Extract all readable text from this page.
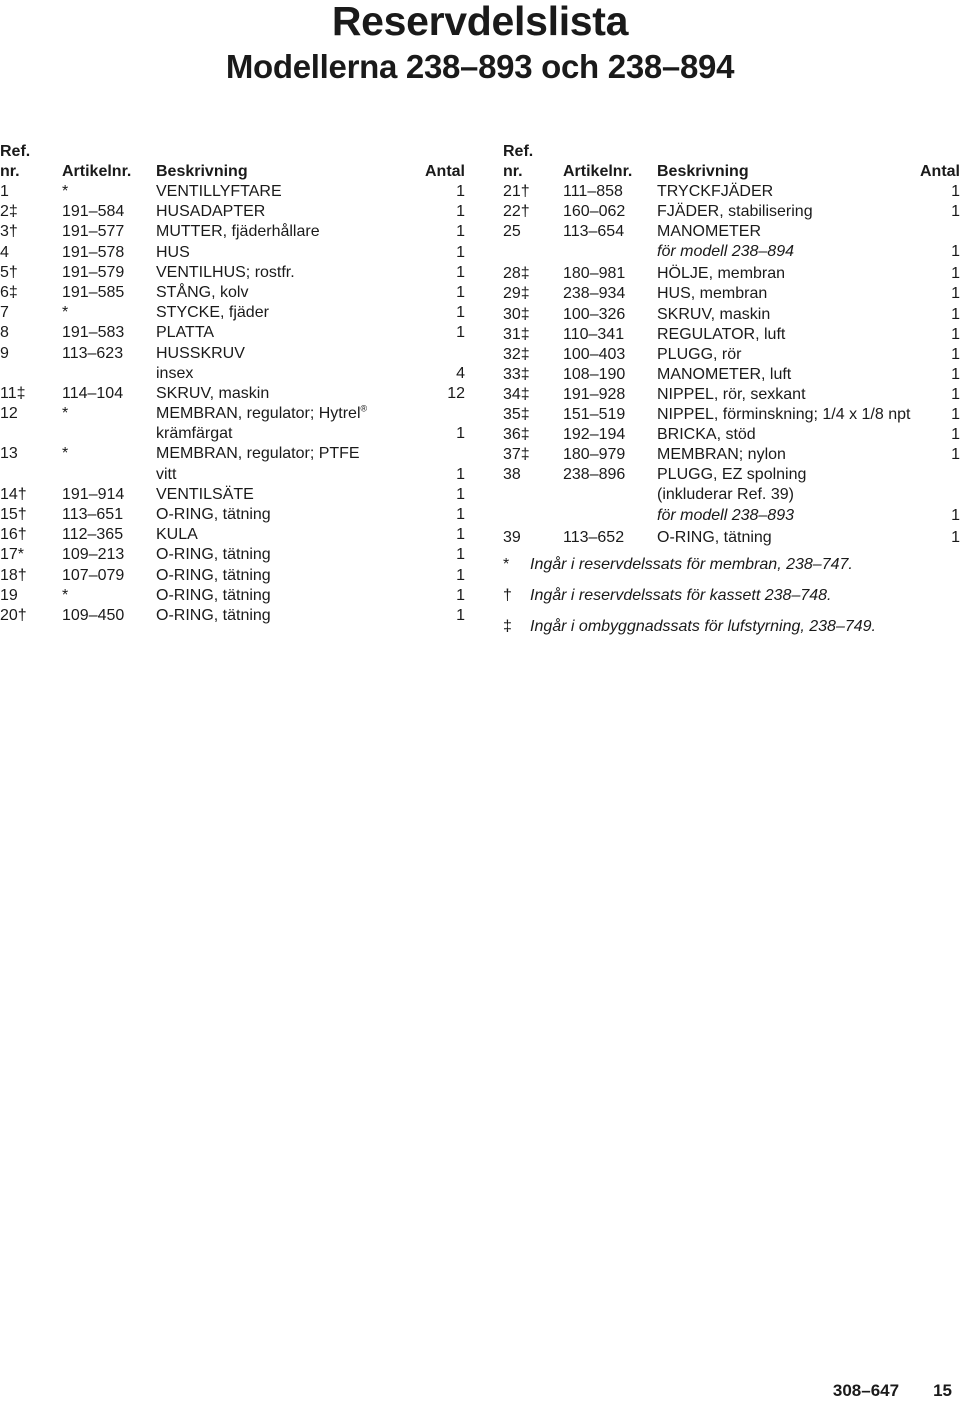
Reservdelslista
Modellerna 238–893 och 238–894
Ref.
nr.	Artikelnr. Beskrivning	Antal
1	*	VENTILLYFTARE	1
2‡	191–584 HUSADAPTER	1
3†	191–577 MUTTER, fjäderhållare	1
4	191–578 HUS	1
5†	191–579 VENTILHUS; rostfr.	1
6‡	191–585 STÅNG, kolv	1
7	*	STYCKE, fjäder	1
8	191–583 PLATTA	1
9	113–623 HUSSKRUV
insex	4
11‡ 114–104 SKRUV, maskin	12
12	*	MEMBRAN, regulator; Hytrel®
krämfärgat	1
13	*	MEMBRAN, regulator; PTFE
vitt	1
14† 191–914 VENTILSÄTE	1
15† 113–651 O-RING, tätning	1
16† 112–365 KULA	1
17* 109–213 O-RING, tätning	1
18† 107–079 O-RING, tätning	1
19	*	O-RING, tätning	1
20† 109–450 O-RING, tätning	1
Ref.
nr.	Artikelnr. Beskrivning	Antal
21† 111–858 TRYCKFJÄDER	1
22† 160–062 FJÄDER, stabilisering	1
25	113–654 MANOMETER
för modell 238–894	1
28‡ 180–981 HÖLJE, membran	1
29‡ 238–934 HUS, membran	1
30‡ 100–326 SKRUV, maskin	1
31‡ 110–341 REGULATOR, luft	1
32‡ 100–403 PLUGG, rör	1
33‡ 108–190 MANOMETER, luft	1
34‡ 191–928 NIPPEL, rör, sexkant	1
35‡ 151–519 NIPPEL, förminskning; 1/4 x 1/8 npt	1
36‡ 192–194 BRICKA, stöd	1
37‡ 180–979 MEMBRAN; nylon	1
38	238–896 PLUGG, EZ spolning
(inkluderar Ref. 39)
för modell 238–893	1
39	113–652 O-RING, tätning	1
* Ingår i reservdelssats för membran, 238–747.
† Ingår i reservdelssats för kassett 238–748.
‡ Ingår i ombyggnadssats för lufstyrning, 238–749.
308–647 15
